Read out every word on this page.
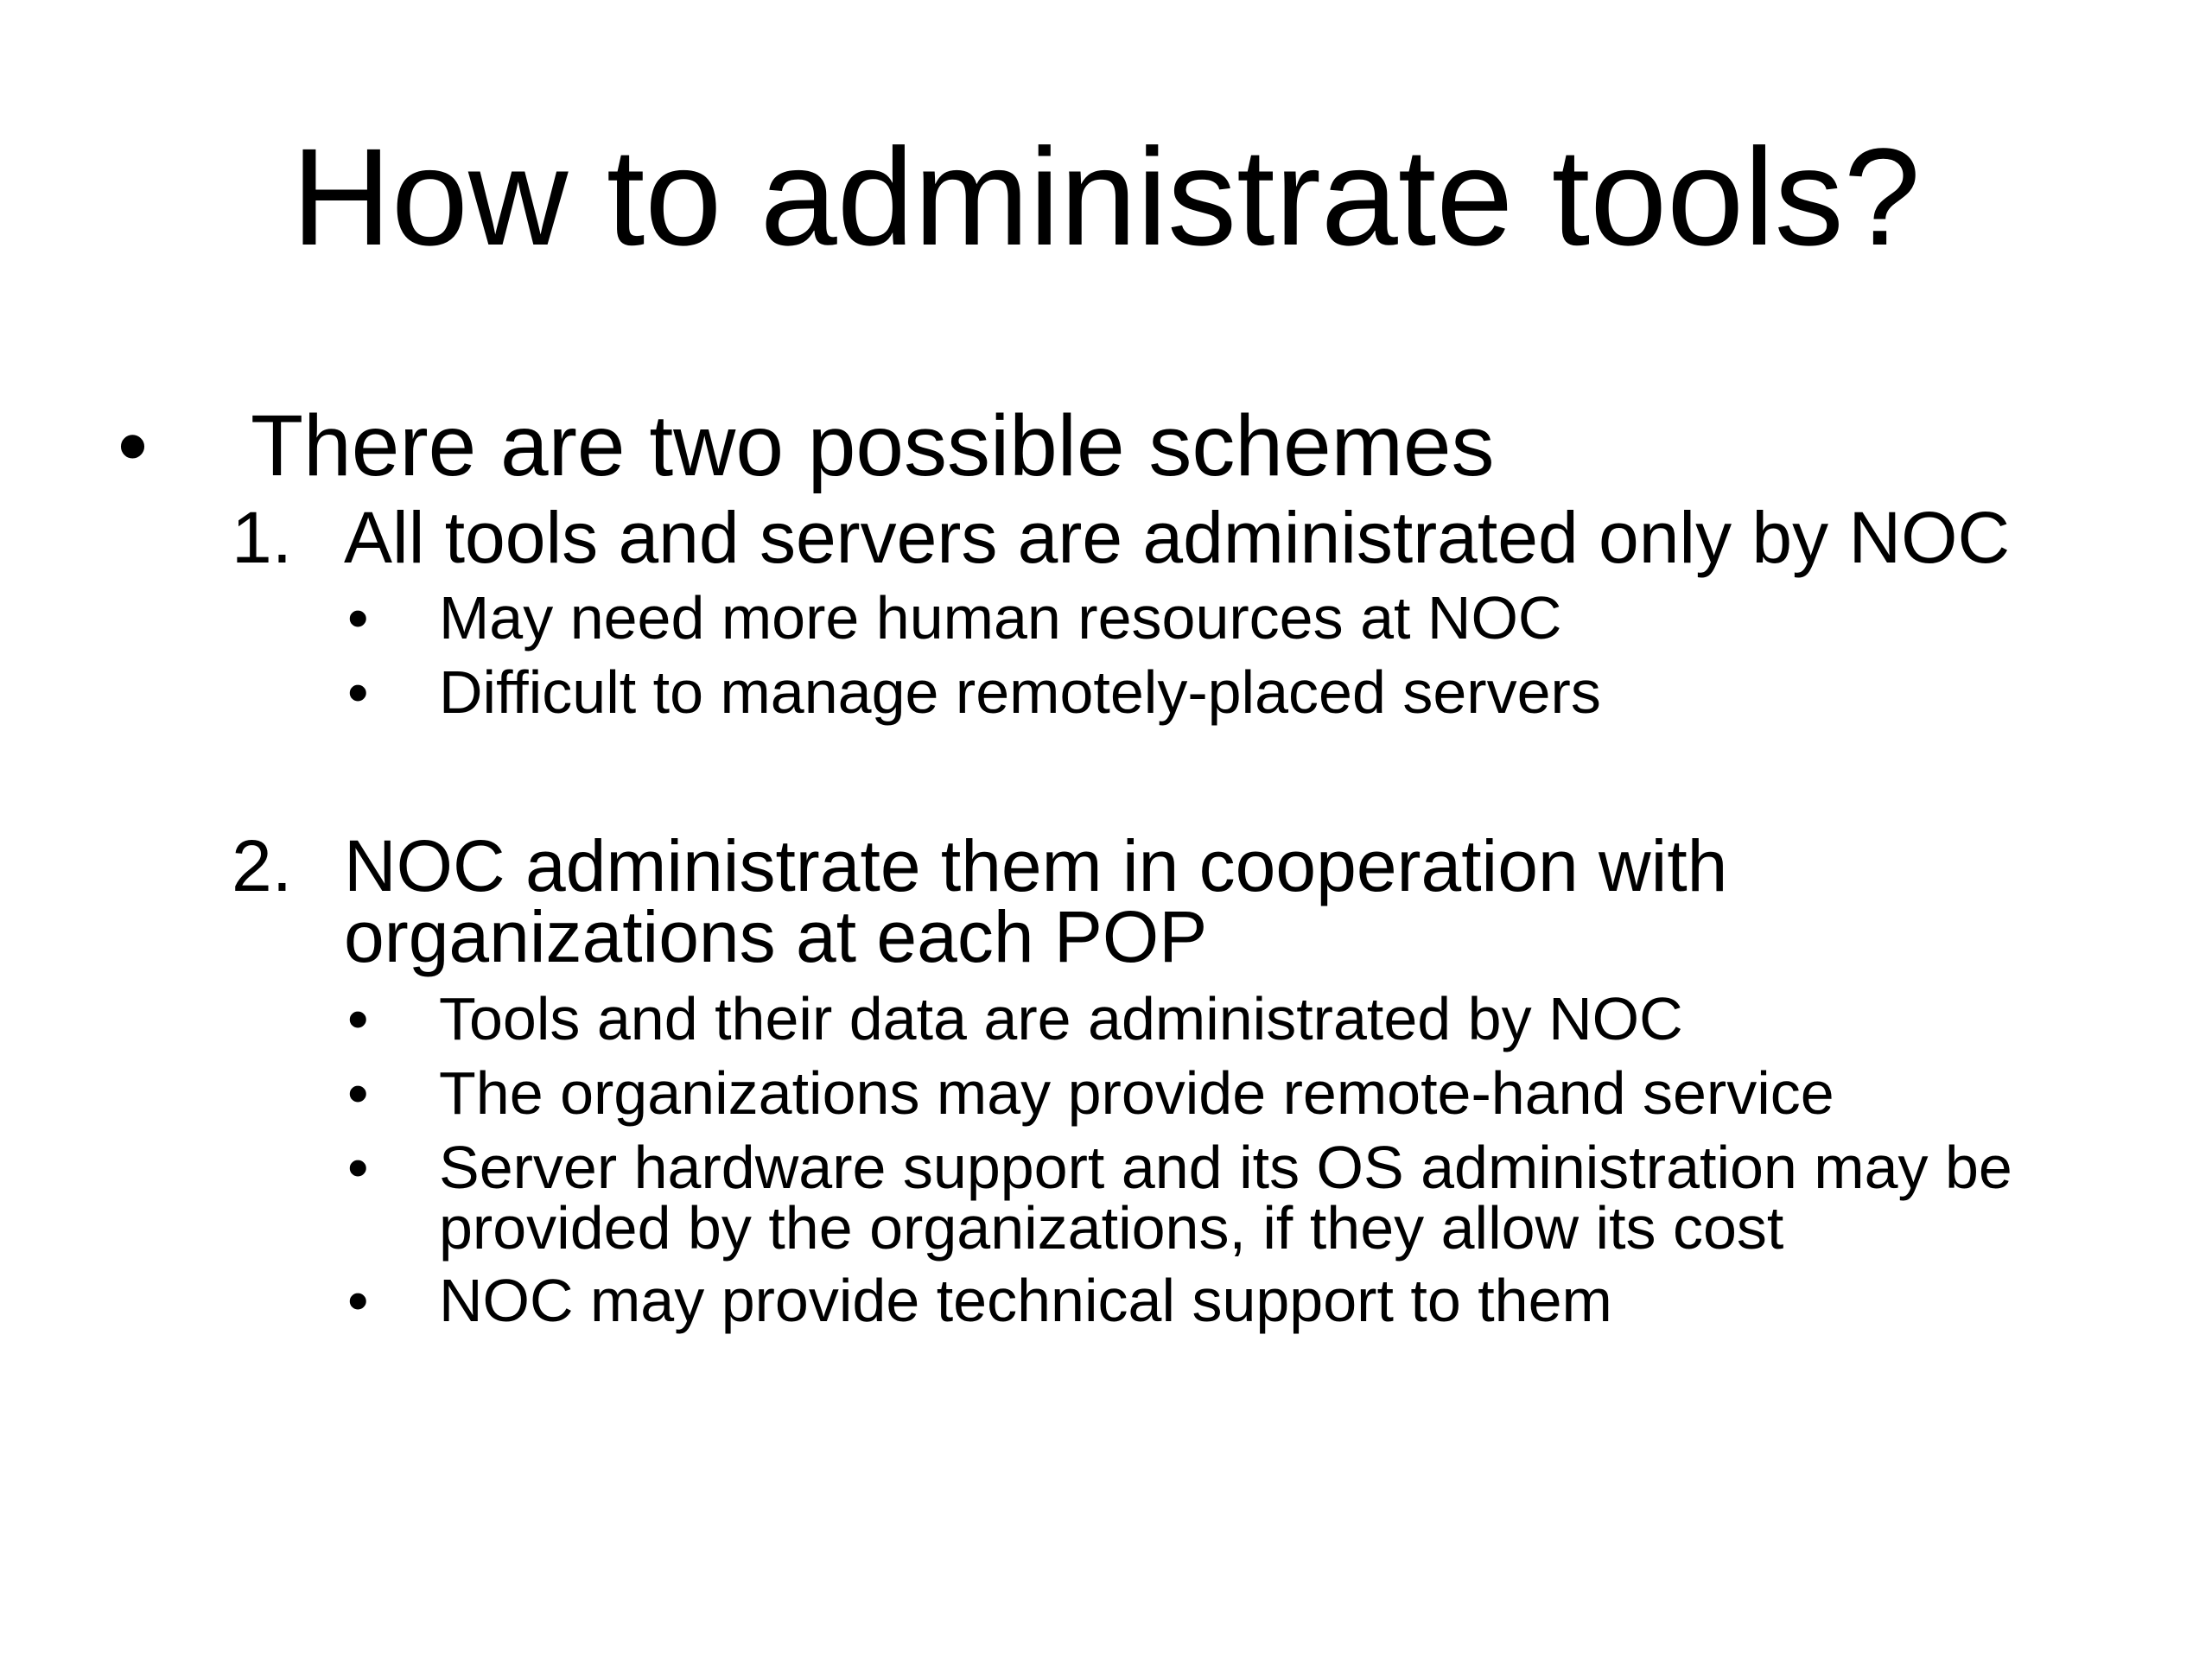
How to administrate tools?
• There are two possible schemes
1. All tools and servers are administrated only by NOC
• May need more human resources at NOC
• Difficult to manage remotely-placed servers
2. NOC administrate them in cooperation with
organizations at each POP
• Tools and their data are administrated by NOC
• The organizations may provide remote-hand service
• Server hardware support and its OS administration may be provided by the organizations, if they allow its cost
• NOC may provide technical support to them
